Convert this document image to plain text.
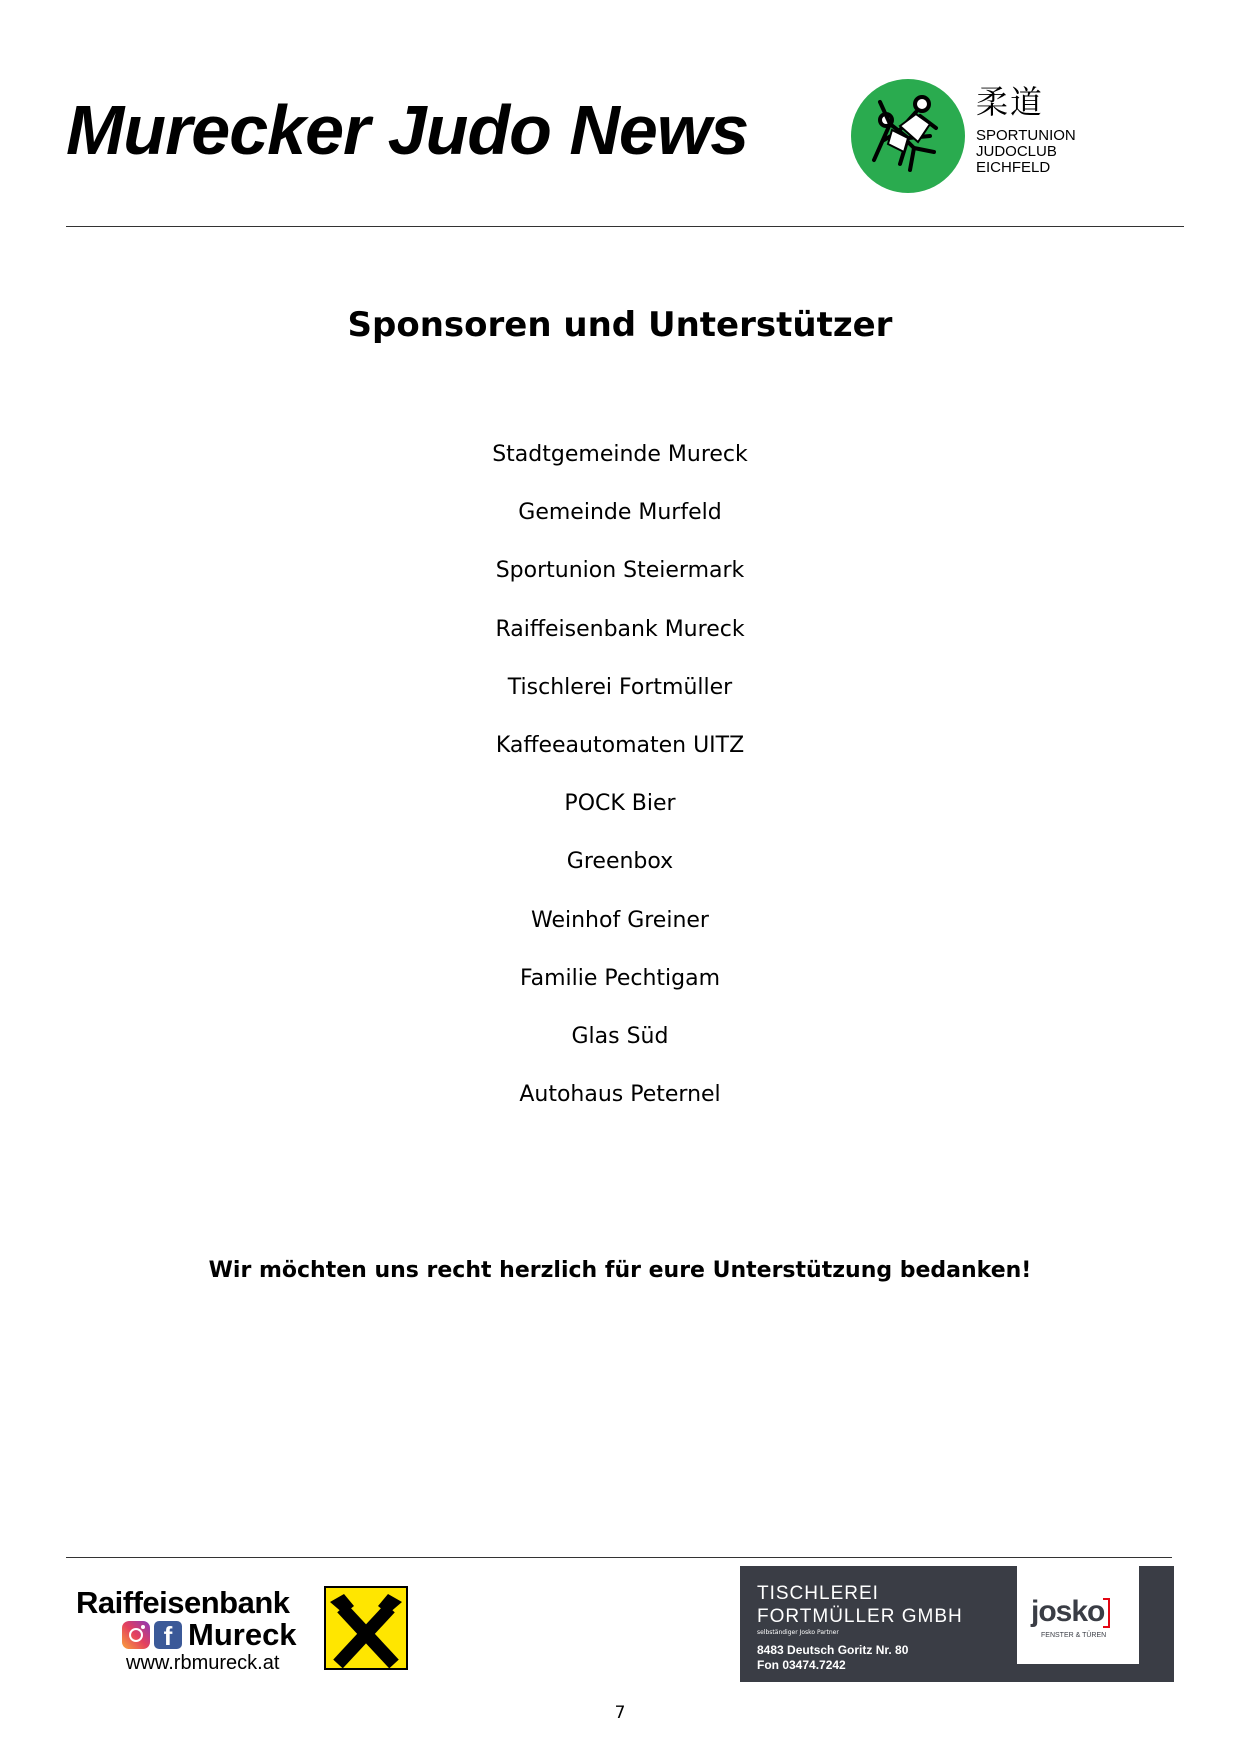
Murecker Judo News	柔道
SPORTUNION
JUDOCLUB
EICHFELD
Sponsoren und Unterstützer
Stadtgemeinde Mureck
Gemeinde Murfeld
Sportunion Steiermark
Raiffeisenbank Mureck
Tischlerei Fortmüller
Kaffeeautomaten UITZ
POCK Bier
Greenbox
Weinhof Greiner
Familie Pechtigam
Glas Süd
Autohaus Peternel

Wir möchten uns recht herzlich für eure Unterstützung bedanken!

Raiffeisenbank
f Mureck
www.rbmureck.at
TISCHLEREI
FORTMÜLLER GMBH
selbständiger Josko Partner
8483 Deutsch Goritz Nr. 80
Fon 03474.7242
josko
FENSTER & TÜREN
7
